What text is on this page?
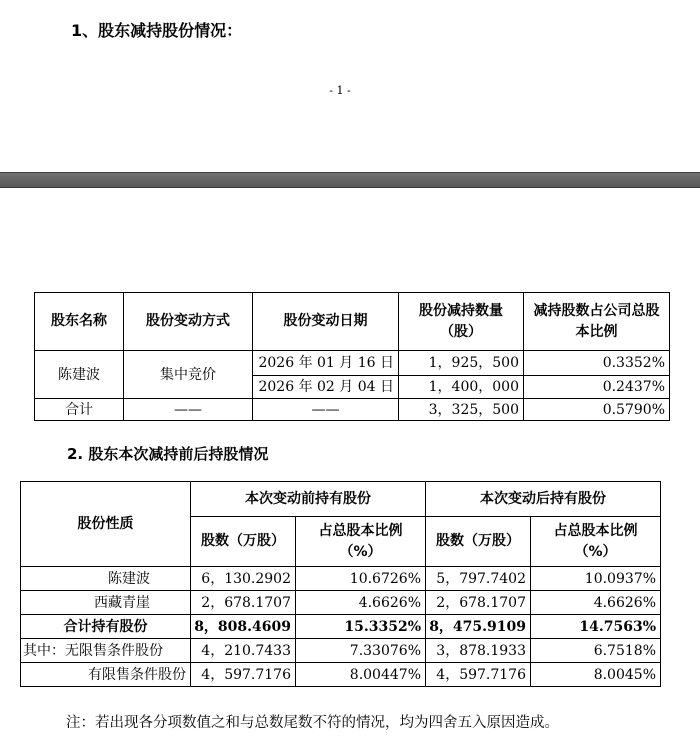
1、股东减持股份情况：
- 1 -
股东名称	股份变动方式	股份变动日期	股份减持数量（股）	减持股数占公司总股本比例
陈建波	集中竞价	2026 年 01 月 16 日	1，925，500	0.3352%
		2026 年 02 月 04 日	1，400，000	0.2437%
合计	——	——	3，325，500	0.5790%
2. 股东本次减持前后持股情况
股份性质	本次变动前持有股份		本次变动后持有股份	
	股数（万股）	占总股本比例（%）	股数（万股）	占总股本比例（%）
陈建波	6，130.2902	10.6726%	5，797.7402	10.0937%
西藏青崖	2，678.1707	4.6626%	2，678.1707	4.6626%
合计持有股份	8，808.4609	15.3352%	8，475.9109	14.7563%
其中：无限售条件股份	4，210.7433	7.33076%	3，878.1933	6.7518%
有限售条件股份	4，597.7176	8.00447%	4，597.7176	8.0045%
注：若出现各分项数值之和与总数尾数不符的情况，均为四舍五入原因造成。
